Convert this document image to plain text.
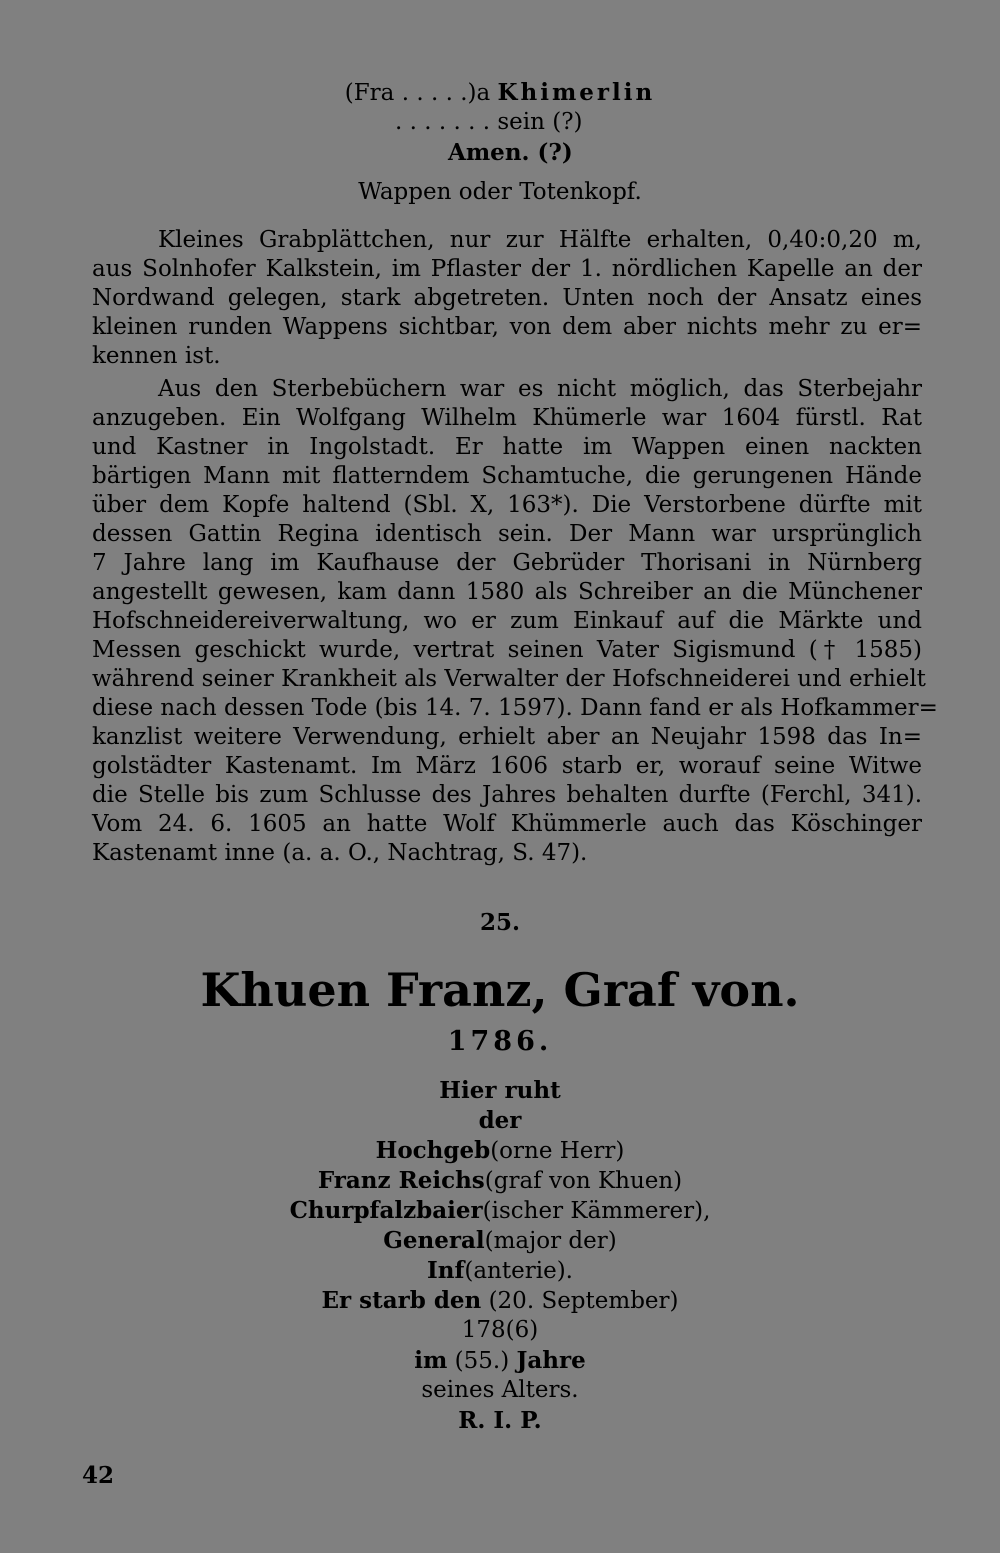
(Fra . . . . .)a Khimerlin
. . . . . . . sein (?)
Amen. (?)
Wappen oder Totenkopf.
Kleines Grabplättchen, nur zur Hälfte erhalten, 0,40:0,20 m,
aus Solnhofer Kalkstein, im Pflaster der 1. nördlichen Kapelle an der
Nordwand gelegen, stark abgetreten. Unten noch der Ansatz eines
kleinen runden Wappens sichtbar, von dem aber nichts mehr zu er=
kennen ist.
Aus den Sterbebüchern war es nicht möglich, das Sterbejahr
anzugeben. Ein Wolfgang Wilhelm Khümerle war 1604 fürstl. Rat
und Kastner in Ingolstadt. Er hatte im Wappen einen nackten
bärtigen Mann mit flatterndem Schamtuche, die gerungenen Hände
über dem Kopfe haltend (Sbl. X, 163*). Die Verstorbene dürfte mit
dessen Gattin Regina identisch sein. Der Mann war ursprünglich
7 Jahre lang im Kaufhause der Gebrüder Thorisani in Nürnberg
angestellt gewesen, kam dann 1580 als Schreiber an die Münchener
Hofschneidereiverwaltung, wo er zum Einkauf auf die Märkte und
Messen geschickt wurde, vertrat seinen Vater Sigismund († 1585)
während seiner Krankheit als Verwalter der Hofschneiderei und erhielt
diese nach dessen Tode (bis 14. 7. 1597). Dann fand er als Hofkammer=
kanzlist weitere Verwendung, erhielt aber an Neujahr 1598 das In=
golstädter Kastenamt. Im März 1606 starb er, worauf seine Witwe
die Stelle bis zum Schlusse des Jahres behalten durfte (Ferchl, 341).
Vom 24. 6. 1605 an hatte Wolf Khümmerle auch das Köschinger
Kastenamt inne (a. a. O., Nachtrag, S. 47).
25.
Khuen Franz, Graf von.
1786.
Hier ruht
der
Hochgeb(orne Herr)
Franz Reichs(graf von Khuen)
Churpfalzbaier(ischer Kämmerer),
General(major der)
Inf(anterie).
Er starb den (20. September)
178(6)
im (55.) Jahre
seines Alters.
R. I. P.
42
